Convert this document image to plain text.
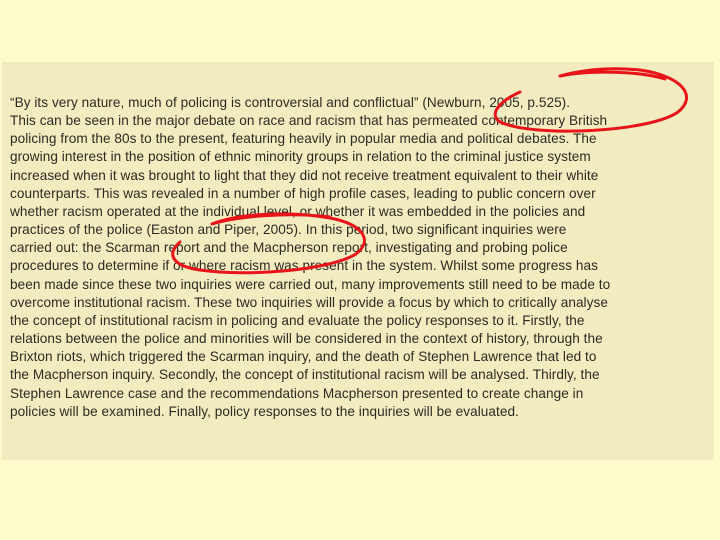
“By its very nature, much of policing is controversial and conflictual” (Newburn, 2005, p.525).
This can be seen in the major debate on race and racism that has permeated contemporary British
policing from the 80s to the present, featuring heavily in popular media and political debates. The
growing interest in the position of ethnic minority groups in relation to the criminal justice system
increased when it was brought to light that they did not receive treatment equivalent to their white
counterparts. This was revealed in a number of high profile cases, leading to public concern over
whether racism operated at the individual level, or whether it was embedded in the policies and
practices of the police (Easton and Piper, 2005). In this period, two significant inquiries were
carried out: the Scarman report and the Macpherson report, investigating and probing police
procedures to determine if or where racism was present in the system. Whilst some progress has
been made since these two inquiries were carried out, many improvements still need to be made to
overcome institutional racism. These two inquiries will provide a focus by which to critically analyse
the concept of institutional racism in policing and evaluate the policy responses to it. Firstly, the
relations between the police and minorities will be considered in the context of history, through the
Brixton riots, which triggered the Scarman inquiry, and the death of Stephen Lawrence that led to
the Macpherson inquiry. Secondly, the concept of institutional racism will be analysed. Thirdly, the
Stephen Lawrence case and the recommendations Macpherson presented to create change in
policies will be examined. Finally, policy responses to the inquiries will be evaluated.
